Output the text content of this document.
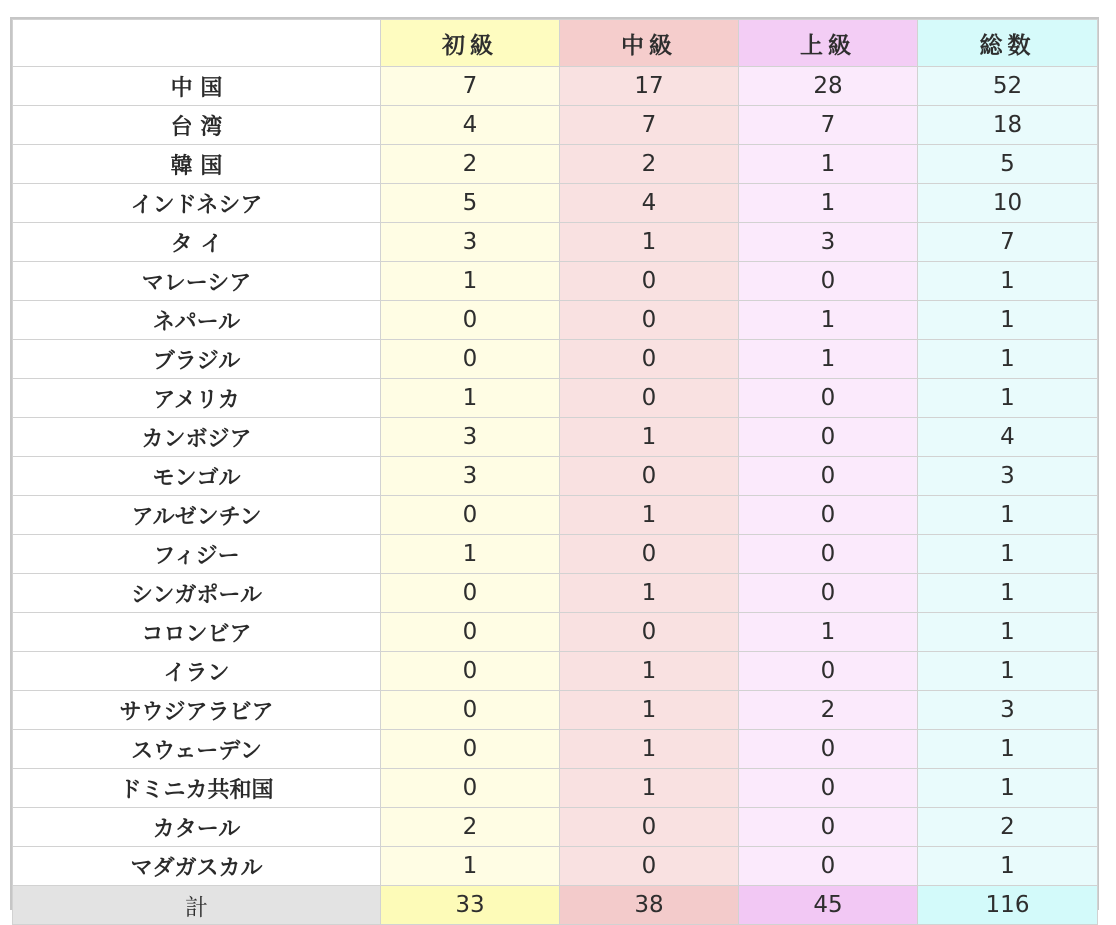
	初級	中級	上級	総数
中 国	7	17	28	52
台 湾	4	7	7	18
韓 国	2	2	1	5
インドネシア	5	4	1	10
タ イ	3	1	3	7
マレーシア	1	0	0	1
ネパール	0	0	1	1
ブラジル	0	0	1	1
アメリカ	1	0	0	1
カンボジア	3	1	0	4
モンゴル	3	0	0	3
アルゼンチン	0	1	0	1
フィジー	1	0	0	1
シンガポール	0	1	0	1
コロンビア	0	0	1	1
イラン	0	1	0	1
サウジアラビア	0	1	2	3
スウェーデン	0	1	0	1
ドミニカ共和国	0	1	0	1
カタール	2	0	0	2
マダガスカル	1	0	0	1
計	33	38	45	116
